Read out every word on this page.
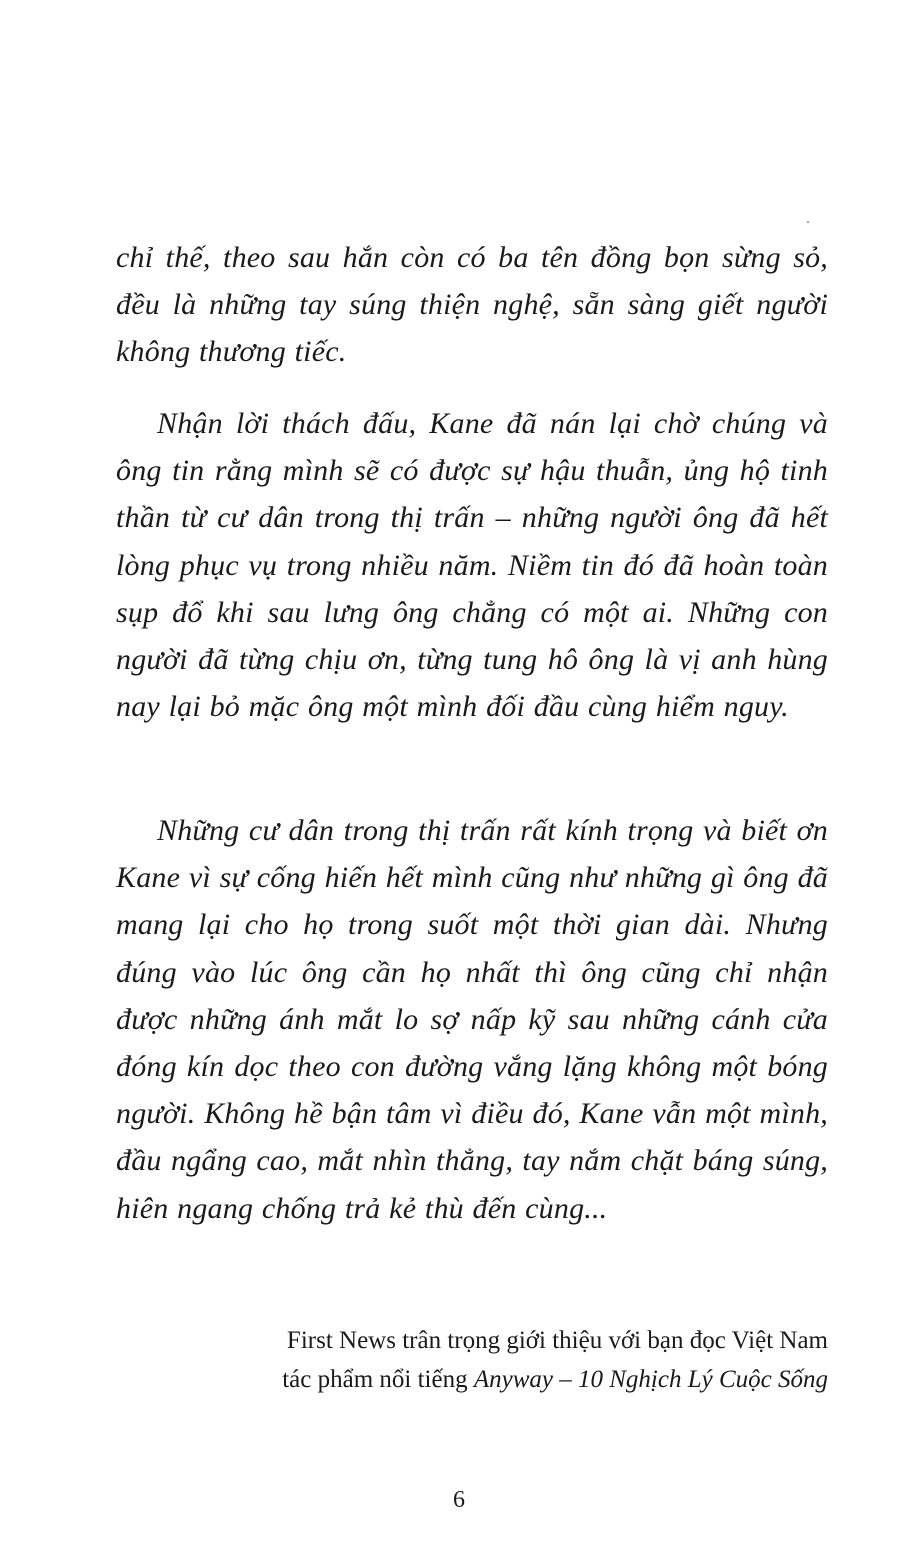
chỉ thế, theo sau hắn còn có ba tên đồng bọn sừng sỏ, đều là những tay súng thiện nghệ, sẵn sàng giết người không thương tiếc.

Nhận lời thách đấu, Kane đã nán lại chờ chúng và ông tin rằng mình sẽ có được sự hậu thuẫn, ủng hộ tinh thần từ cư dân trong thị trấn – những người ông đã hết lòng phục vụ trong nhiều năm. Niềm tin đó đã hoàn toàn sụp đổ khi sau lưng ông chẳng có một ai. Những con người đã từng chịu ơn, từng tung hô ông là vị anh hùng nay lại bỏ mặc ông một mình đối đầu cùng hiểm nguy.

Những cư dân trong thị trấn rất kính trọng và biết ơn Kane vì sự cống hiến hết mình cũng như những gì ông đã mang lại cho họ trong suốt một thời gian dài. Nhưng đúng vào lúc ông cần họ nhất thì ông cũng chỉ nhận được những ánh mắt lo sợ nấp kỹ sau những cánh cửa đóng kín dọc theo con đường vắng lặng không một bóng người. Không hề bận tâm vì điều đó, Kane vẫn một mình, đầu ngẩng cao, mắt nhìn thẳng, tay nắm chặt báng súng, hiên ngang chống trả kẻ thù đến cùng...

First News trân trọng giới thiệu với bạn đọc Việt Nam
tác phẩm nổi tiếng Anyway – 10 Nghịch Lý Cuộc Sống

6
